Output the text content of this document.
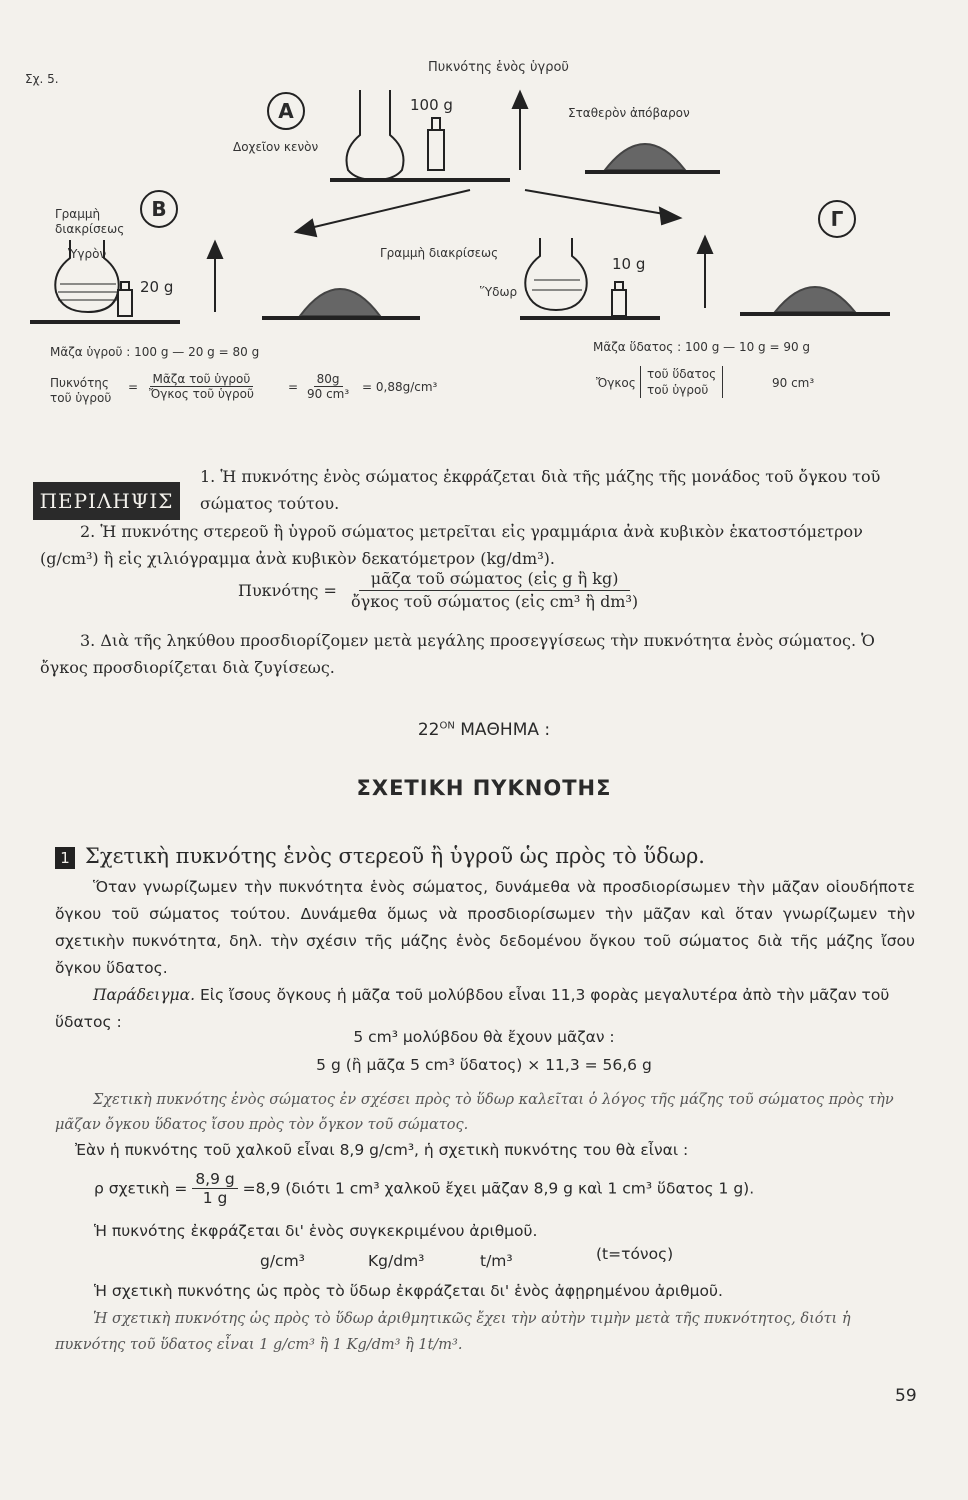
Σχ. 5.
Πυκνότης ἑνὸς ὑγροῦ
A
B	Γ
Δοχεῖον κενὸν
100 g	Σταθερὸν ἀπόβαρον
Γραμμὴ διακρίσεως
Ὑγρὸν
20 g
Γραμμὴ διακρίσεως
Ὕδωρ
10 g
Μᾶζα ὑγροῦ : 100 g — 20 g = 80 g
Πυκνότης
τοῦ ὑγροῦ
= $\frac{\text{Μᾶζα τοῦ ὑγροῦ}}{\text{Ὄγκος τοῦ ὑγροῦ}}$	= $\frac{80g}{\text{90 cm³}} = 0,88g/cm^3$
Μᾶζα ὕδατος : 100 g — 10 g = 90 g
Ὄγκος
τοῦ ὕδατος
τοῦ ὑγροῦ	90 cm³
ΠΕΡΙΛΗΨΙΣ
1. Ἡ πυκνότης ἑνὸς σώματος ἐκφράζεται διὰ τῆς μάζης τῆς μονάδος τοῦ ὄγκου τοῦ σώματος τούτου.
2. Ἡ πυκνότης στερεοῦ ἢ ὑγροῦ σώματος μετρεῖται εἰς γραμμάρια ἀνὰ κυβικὸν ἑκατοστόμετρον (g/cm³) ἢ εἰς χιλιόγραμμα ἀνὰ κυβικὸν δεκατόμετρον (kg/dm³).
$\Pi\upsilon\kappa\nu ό\tau\eta\varsigma = \frac{\text{μᾶζα τοῦ σώματος (εἰς g ἢ kg)}}{\text{ὄγκος τοῦ σώματος (εἰς cm³ ἢ dm³)}}$
3. Διὰ τῆς ληκύθου προσδιορίζομεν μετὰ μεγάλης προσεγγίσεως τὴν πυκνότητα ἑνὸς σώματος. Ὁ ὄγκος προσδιορίζεται διὰ ζυγίσεως.
$22^{ON}$ ΜΑΘΗΜΑ :
ΣΧΕΤΙΚΗ ΠΥΚΝΟΤΗΣ
1 Σχετικὴ πυκνότης ἑνὸς στερεοῦ ἢ ὑγροῦ ὡς πρὸς τὸ ὕδωρ.
Ὅταν γνωρίζωμεν τὴν πυκνότητα ἑνὸς σώματος, δυνάμεθα νὰ προσδιορίσωμεν τὴν μᾶζαν οἱουδήποτε ὄγκου τοῦ σώματος τούτου. Δυνάμεθα ὅμως νὰ προσδιορίσωμεν τὴν μᾶζαν καὶ ὅταν γνωρίζωμεν τὴν σχετικὴν πυκνότητα, δηλ. τὴν σχέσιν τῆς μάζης ἑνὸς δεδομένου ὄγκου τοῦ σώματος διὰ τῆς μάζης ἴσου ὄγκου ὕδατος.
Παράδειγμα. Εἰς ἴσους ὄγκους ἡ μᾶζα τοῦ μολύβδου εἶναι 11,3 φορὰς μεγαλυτέρα ἀπὸ τὴν μᾶζαν τοῦ ὕδατος :
5 cm³ μολύβδου θὰ ἔχουν μᾶζαν :
5 g (ἢ μᾶζα 5 cm³ ὕδατος) × 11,3 = 56,6 g
Σχετικὴ πυκνότης ἑνὸς σώματος ἐν σχέσει πρὸς τὸ ὕδωρ καλεῖται ὁ λόγος τῆς μάζης τοῦ σώματος πρὸς τὴν μᾶζαν ὄγκου ὕδατος ἴσου πρὸς τὸν ὄγκον τοῦ σώματος.
Ἐὰν ἡ πυκνότης τοῦ χαλκοῦ εἶναι 8,9 g/cm³, ἡ σχετικὴ πυκνότης του θὰ εἶναι :
ρ σχετικὴ = $\frac{8,9 g}{1 g} =8,9$ (διότι 1 cm³ χαλκοῦ ἔχει μᾶζαν 8,9 g καὶ 1 cm³ ὕδατος 1 g).
Ἡ πυκνότης ἐκφράζεται δι' ἑνὸς συγκεκριμένου ἀριθμοῦ.
g/cm³	Kg/dm³	t/m³	(t=τόνος)
Ἡ σχετικὴ πυκνότης ὡς πρὸς τὸ ὕδωρ ἐκφράζεται δι' ἑνὸς ἀφῃρημένου ἀριθμοῦ.
Ἡ σχετικὴ πυκνότης ὡς πρὸς τὸ ὕδωρ ἀριθμητικῶς ἔχει τὴν αὐτὴν τιμὴν μετὰ τῆς πυκνότητος, διότι ἡ πυκνότης τοῦ ὕδατος εἶναι 1 g/cm³ ἢ 1 Kg/dm³ ἢ 1t/m³.
59
